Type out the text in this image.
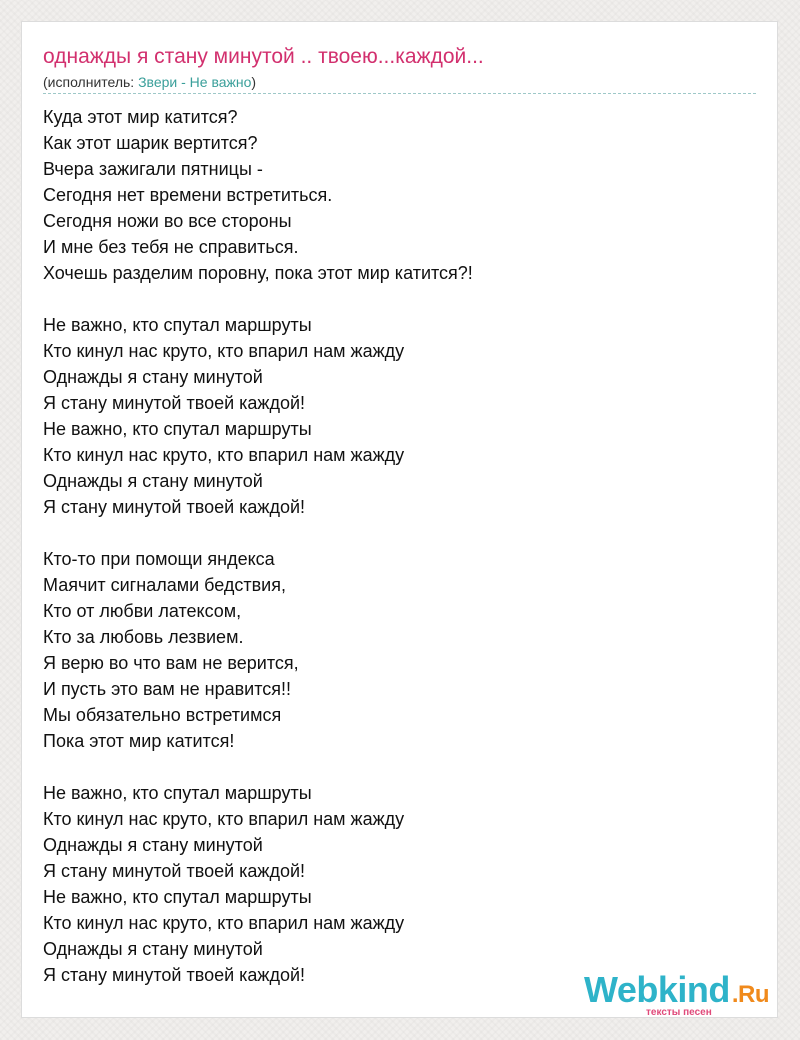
однажды я стану минутой .. твоею...каждой...
(исполнитель: Звери - Не важно)
Куда этот мир катится?
Как этот шарик вертится?
Вчера зажигали пятницы -
Сегодня нет времени встретиться.
Сегодня ножи во все стороны
И мне без тебя не справиться.
Хочешь разделим поровну, пока этот мир катится?!
Не важно, кто спутал маршруты
Кто кинул нас круто, кто впарил нам жажду
Однажды я стану минутой
Я стану минутой твоей каждой!
Не важно, кто спутал маршруты
Кто кинул нас круто, кто впарил нам жажду
Однажды я стану минутой
Я стану минутой твоей каждой!
Кто-то при помощи яндекса
Маячит сигналами бедствия,
Кто от любви латексом,
Кто за любовь лезвием.
Я верю во что вам не верится,
И пусть это вам не нравится!!
Мы обязательно встретимся
Пока этот мир катится!
Не важно, кто спутал маршруты
Кто кинул нас круто, кто впарил нам жажду
Однажды я стану минутой
Я стану минутой твоей каждой!
Не важно, кто спутал маршруты
Кто кинул нас круто, кто впарил нам жажду
Однажды я стану минутой
Я стану минутой твоей каждой!	Webkind.Ru
тексты песен
